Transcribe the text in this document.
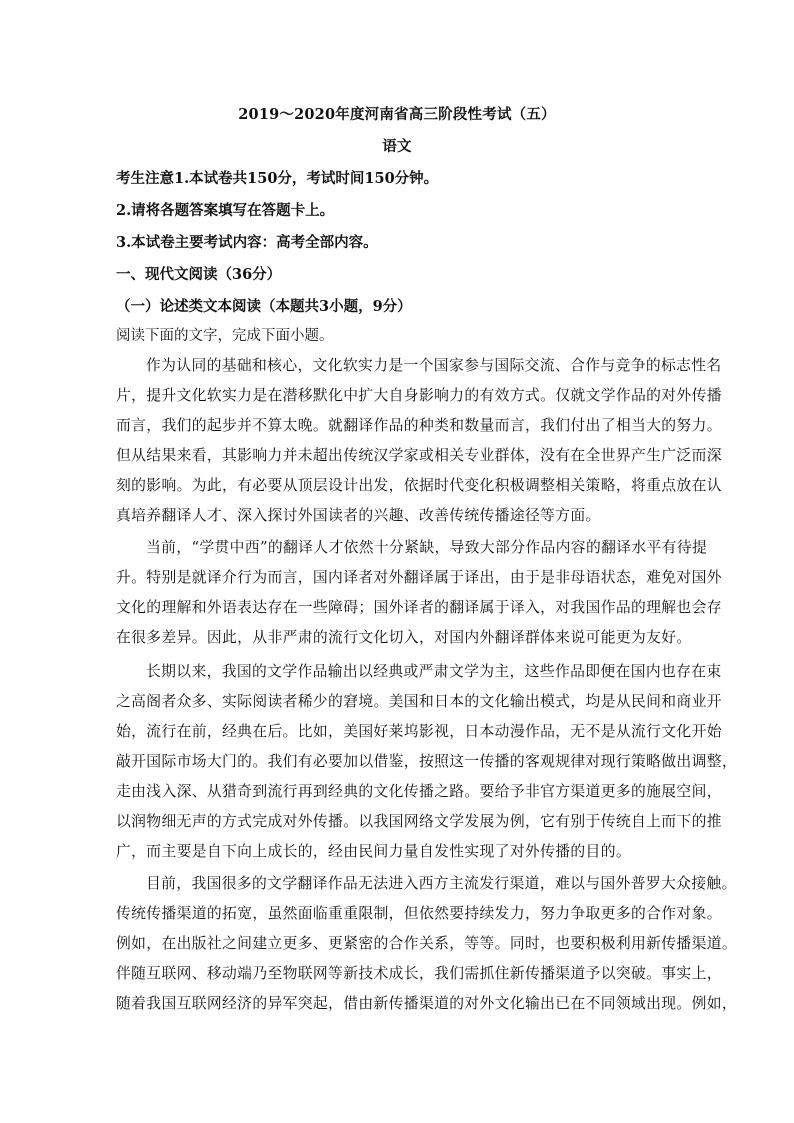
2019～2020年度河南省高三阶段性考试（五）
语文
考生注意1.本试卷共150分，考试时间150分钟。
2.请将各题答案填写在答题卡上。
3.本试卷主要考试内容：高考全部内容。
一、现代文阅读（36分）
（一）论述类文本阅读（本题共3小题，9分）
阅读下面的文字，完成下面小题。
作为认同的基础和核心，文化软实力是一个国家参与国际交流、合作与竞争的标志性名
片，提升文化软实力是在潜移默化中扩大自身影响力的有效方式。仅就文学作品的对外传播
而言，我们的起步并不算太晚。就翻译作品的种类和数量而言，我们付出了相当大的努力。
但从结果来看，其影响力并未超出传统汉学家或相关专业群体，没有在全世界产生广泛而深
刻的影响。为此，有必要从顶层设计出发，依据时代变化积极调整相关策略，将重点放在认
真培养翻译人才、深入探讨外国读者的兴趣、改善传统传播途径等方面。
当前，“学贯中西”的翻译人才依然十分紧缺，导致大部分作品内容的翻译水平有待提
升。特别是就译介行为而言，国内译者对外翻译属于译出，由于是非母语状态，难免对国外
文化的理解和外语表达存在一些障碍；国外译者的翻译属于译入，对我国作品的理解也会存
在很多差异。因此，从非严肃的流行文化切入，对国内外翻译群体来说可能更为友好。
长期以来，我国的文学作品输出以经典或严肃文学为主，这些作品即便在国内也存在束
之高阁者众多、实际阅读者稀少的窘境。美国和日本的文化输出模式，均是从民间和商业开
始，流行在前，经典在后。比如，美国好莱坞影视，日本动漫作品，无不是从流行文化开始
敲开国际市场大门的。我们有必要加以借鉴，按照这一传播的客观规律对现行策略做出调整，
走由浅入深、从猎奇到流行再到经典的文化传播之路。要给予非官方渠道更多的施展空间，
以润物细无声的方式完成对外传播。以我国网络文学发展为例，它有别于传统自上而下的推
广，而主要是自下向上成长的，经由民间力量自发性实现了对外传播的目的。
目前，我国很多的文学翻译作品无法进入西方主流发行渠道，难以与国外普罗大众接触。
传统传播渠道的拓宽，虽然面临重重限制，但依然要持续发力，努力争取更多的合作对象。
例如，在出版社之间建立更多、更紧密的合作关系，等等。同时，也要积极利用新传播渠道。
伴随互联网、移动端乃至物联网等新技术成长，我们需抓住新传播渠道予以突破。事实上，
随着我国互联网经济的异军突起，借由新传播渠道的对外文化输出已在不同领域出现。例如，
